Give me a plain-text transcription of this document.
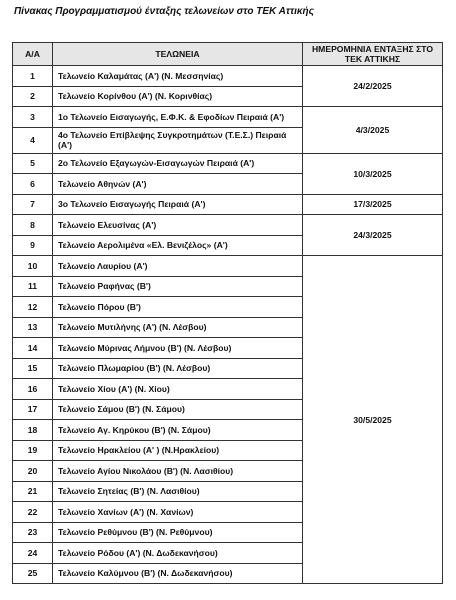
Πίνακας Προγραμματισμού ένταξης τελωνείων στο ΤΕΚ Αττικής
Α/Α	ΤΕΛΩΝΕΙΑ	ΗΜΕΡΟΜΗΝΙΑ ΕΝΤΑΞΗΣ ΣΤΟ ΤΕΚ ΑΤΤΙΚΗΣ
1	Τελωνείο Καλαμάτας (Α') (Ν. Μεσσηνίας)	24/2/2025
2	Τελωνείο Κορίνθου (Α') (Ν. Κορινθίας)	
3	1ο Τελωνείο Εισαγωγής, Ε.Φ.Κ. & Εφοδίων Πειραιά (Α')	4/3/2025
4	4ο Τελωνείο Επίβλεψης Συγκροτημάτων (Τ.Ε.Σ.) Πειραιά (Α')	
5	2ο Τελωνείο Εξαγωγών-Εισαγωγών Πειραιά (Α')	10/3/2025
6	Τελωνείο Αθηνών (Α')	
7	3ο Τελωνείο Εισαγωγής Πειραιά (Α')	17/3/2025
8	Τελωνείο Ελευσίνας (Α')	24/3/2025
9	Τελωνείο Αερολιμένα «Ελ. Βενιζέλος» (Α')	
10	Τελωνείο Λαυρίου (Α')	30/5/2025
11	Τελωνείο Ραφήνας (Β')	
12	Τελωνείο Πόρου (Β')	
13	Τελωνείο Μυτιλήνης (Α') (Ν. Λέσβου)	
14	Τελωνείο Μύρινας Λήμνου (Β') (Ν. Λέσβου)	
15	Τελωνείο Πλωμαρίου (Β') (Ν. Λέσβου)	
16	Τελωνείο Χίου (Α') (Ν. Χίου)	
17	Τελωνείο Σάμου (Β') (Ν. Σάμου)	
18	Τελωνείο Αγ. Κηρύκου (Β') (Ν. Σάμου)	
19	Τελωνείο Ηρακλείου (Α' ) (Ν.Ηρακλείου)	
20	Τελωνείο Αγίου Νικολάου (Β') (Ν. Λασιθίου)	
21	Τελωνείο Σητείας (Β') (Ν. Λασιθίου)	
22	Τελωνείο Χανίων (Α') (Ν. Χανίων)	
23	Τελωνείο Ρεθύμνου (Β') (Ν. Ρεθύμνου)	
24	Τελωνείο Ρόδου (Α') (Ν. Δωδεκανήσου)	
25	Τελωνείο Καλύμνου (Β') (Ν. Δωδεκανήσου)	
